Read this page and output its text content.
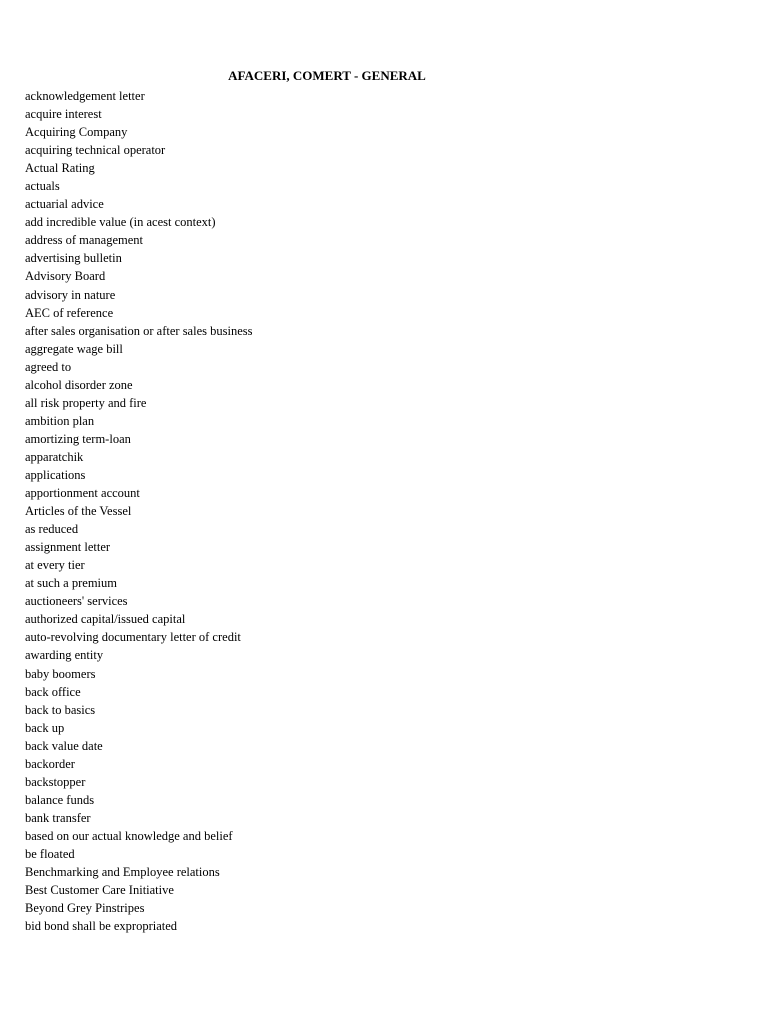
AFACERI, COMERT - GENERAL
acknowledgement letter
acquire interest
Acquiring Company
acquiring technical operator
Actual Rating
actuals
actuarial advice
add incredible value (in acest context)
address of management
advertising bulletin
Advisory Board
advisory in nature
AEC of reference
after sales organisation or after sales business
aggregate wage bill
agreed to
alcohol disorder zone
all risk property and fire
ambition plan
amortizing term-loan
apparatchik
applications
apportionment account
Articles of the Vessel
as reduced
assignment letter
at every tier
at such a premium
auctioneers' services
authorized capital/issued capital
auto-revolving documentary letter of credit
awarding entity
baby boomers
back office
back to basics
back up
back value date
backorder
backstopper
balance funds
bank transfer
based on our actual knowledge and belief
be floated
Benchmarking and Employee relations
Best Customer Care Initiative
Beyond Grey Pinstripes
bid bond shall be expropriated
